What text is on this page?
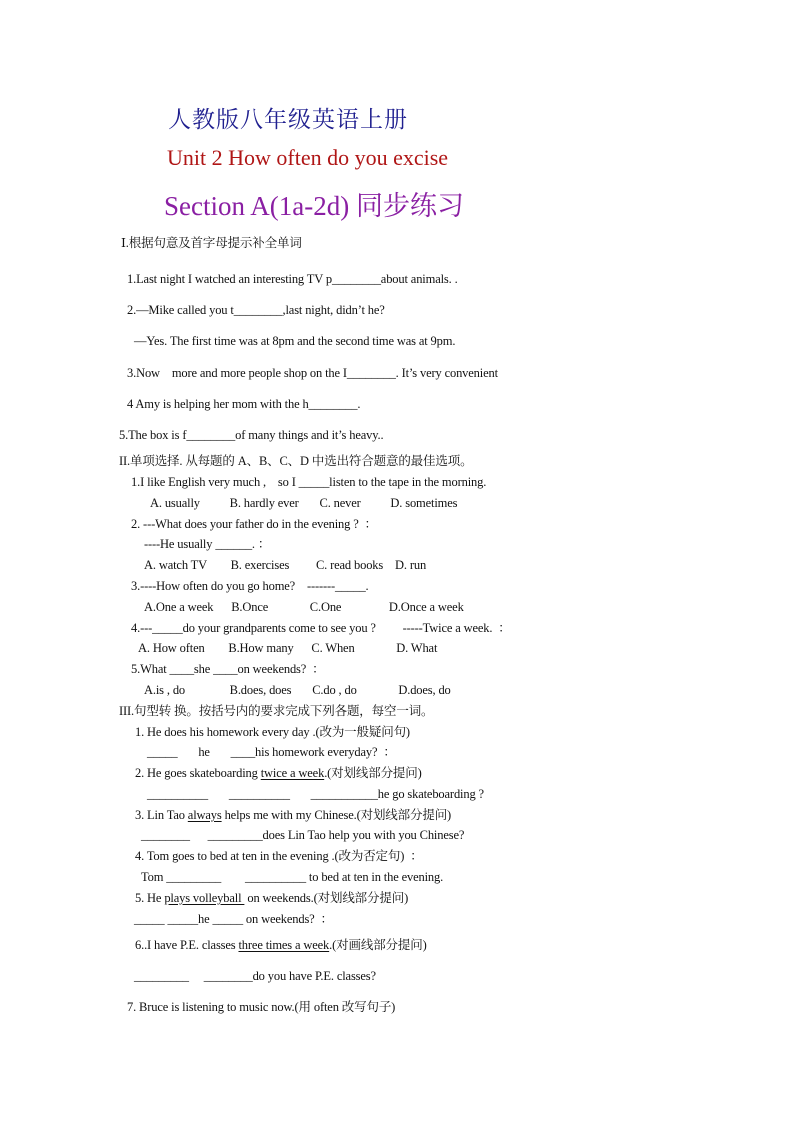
人教版八年级英语上册
Unit 2 How often do you excise
Section A(1a-2d) 同步练习
Ⅰ.根据句意及首字母提示补全单词
1.Last night I watched an interesting TV p________about animals. .
2.—Mike called you t________,last night, didn’t he?
—Yes. The first time was at 8pm and the second time was at 9pm.
3.Now    more and more people shop on the I________. It’s very convenient
4 Amy is helping her mom with the h________.
5.The box is f________of many things and it’s heavy..
II.单项选择. 从每题的 A、B、C、D 中选出符合题意的最佳选项。
1.I like English very much ,    so I _____listen to the tape in the morning.
A. usually          B. hardly ever       C. never          D. sometimes
2. ---What does your father do in the evening ?  ：
----He usually ______. ：
A. watch TV        B. exercises         C. read books    D. run
3.----How often do you go home?    -------_____.
A.One a week      B.Once              C.One                D.Once a week
4.---_____do your grandparents come to see you ?         -----Twice a week.  ：
A. How often        B.How many      C. When              D. What
5.What ____she ____on weekends?  ：
A.is , do               B.does, does       C.do , do              D.does, do
III.句型转 换。按括号内的要求完成下列各题，每空一词。
1. He does his homework every day .(改为一般疑问句)
_____       he       ____his homework everyday?  ：
2. He goes skateboarding twice a week.(对划线部分提问)
__________       __________       ___________he go skateboarding ?
3. Lin Tao always helps me with my Chinese.(对划线部分提问)
________      _________does Lin Tao help you with you Chinese?
4. Tom goes to bed at ten in the evening .(改为否定句)  ：
Tom _________        __________ to bed at ten in the evening.
5. He plays volleyball  on weekends.(对划线部分提问)
_____ _____he _____ on weekends?  ：
6..I have P.E. classes three times a week.(对画线部分提问)
_________     ________do you have P.E. classes?
7. Bruce is listening to music now.(用 often 改写句子)
